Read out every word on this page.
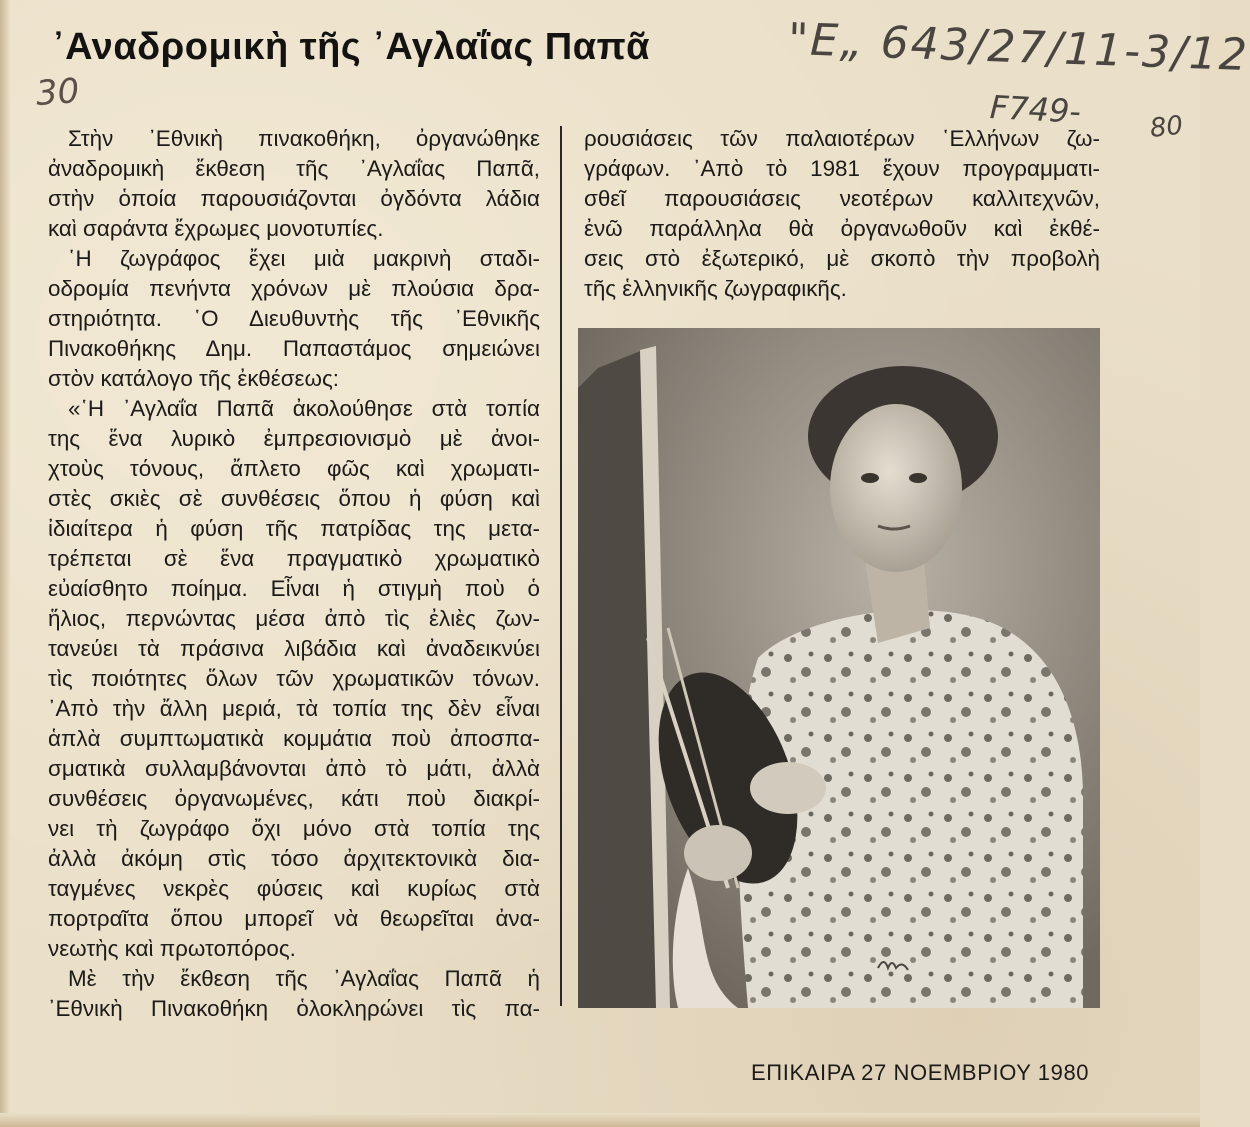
᾿Αναδρομικὴ τῆς ᾿Αγλαΐας Παπᾶ
30
"E„ 643/27/11-3/12
F749-	80
Στὴν ᾿Εθνικὴ πινακοθήκη, ὀργανώθηκε
ἀναδρομικὴ ἔκθεση τῆς ᾿Αγλαΐας Παπᾶ,
στὴν ὁποία παρουσιάζονται ὀγδόντα λάδια
καὶ σαράντα ἔχρωμες μονοτυπίες.
῾Η ζωγράφος ἔχει μιὰ μακρινὴ σταδι-
οδρομία πενήντα χρόνων μὲ πλούσια δρα-
στηριότητα. ῾Ο Διευθυντὴς τῆς ᾿Εθνικῆς
Πινακοθήκης Δημ. Παπαστάμος σημειώνει
στὸν κατάλογο τῆς ἐκθέσεως:
«῾Η ᾿Αγλαΐα Παπᾶ ἀκολούθησε στὰ τοπία
της ἕνα λυρικὸ ἐμπρεσιονισμὸ μὲ ἀνοι-
χτοὺς τόνους, ἄπλετο φῶς καὶ χρωματι-
στὲς σκιὲς σὲ συνθέσεις ὅπου ἡ φύση καὶ
ἰδιαίτερα ἡ φύση τῆς πατρίδας της μετα-
τρέπεται σὲ ἕνα πραγματικὸ χρωματικὸ
εὐαίσθητο ποίημα. Εἶναι ἡ στιγμὴ ποὺ ὁ
ἥλιος, περνώντας μέσα ἀπὸ τὶς ἐλιὲς ζων-
τανεύει τὰ πράσινα λιβάδια καὶ ἀναδεικνύει
τὶς ποιότητες ὅλων τῶν χρωματικῶν τόνων.
᾿Απὸ τὴν ἄλλη μεριά, τὰ τοπία της δὲν εἶναι
ἁπλὰ συμπτωματικὰ κομμάτια ποὺ ἀποσπα-
σματικὰ συλλαμβάνονται ἀπὸ τὸ μάτι, ἀλλὰ
συνθέσεις ὀργανωμένες, κάτι ποὺ διακρί-
νει τὴ ζωγράφο ὄχι μόνο στὰ τοπία της
ἀλλὰ ἀκόμη στὶς τόσο ἀρχιτεκτονικὰ δια-
ταγμένες νεκρὲς φύσεις καὶ κυρίως στὰ
πορτραῖτα ὅπου μπορεῖ νὰ θεωρεῖται ἀνα-
νεωτὴς καὶ πρωτοπόρος.
Μὲ τὴν ἔκθεση τῆς ᾿Αγλαΐας Παπᾶ ἡ
᾿Εθνικὴ Πινακοθήκη ὁλοκληρώνει τὶς πα-
ρουσιάσεις τῶν παλαιοτέρων ῾Ελλήνων ζω-
γράφων. ᾿Απὸ τὸ 1981 ἔχουν προγραμματι-
σθεῖ παρουσιάσεις νεοτέρων καλλιτεχνῶν,
ἐνῶ παράλληλα θὰ ὀργανωθοῦν καὶ ἐκθέ-
σεις στὸ ἐξωτερικό, μὲ σκοπὸ τὴν προβολὴ
τῆς ἑλληνικῆς ζωγραφικῆς.
ΕΠΙΚΑΙΡΑ 27 ΝΟΕΜΒΡΙΟΥ 1980
